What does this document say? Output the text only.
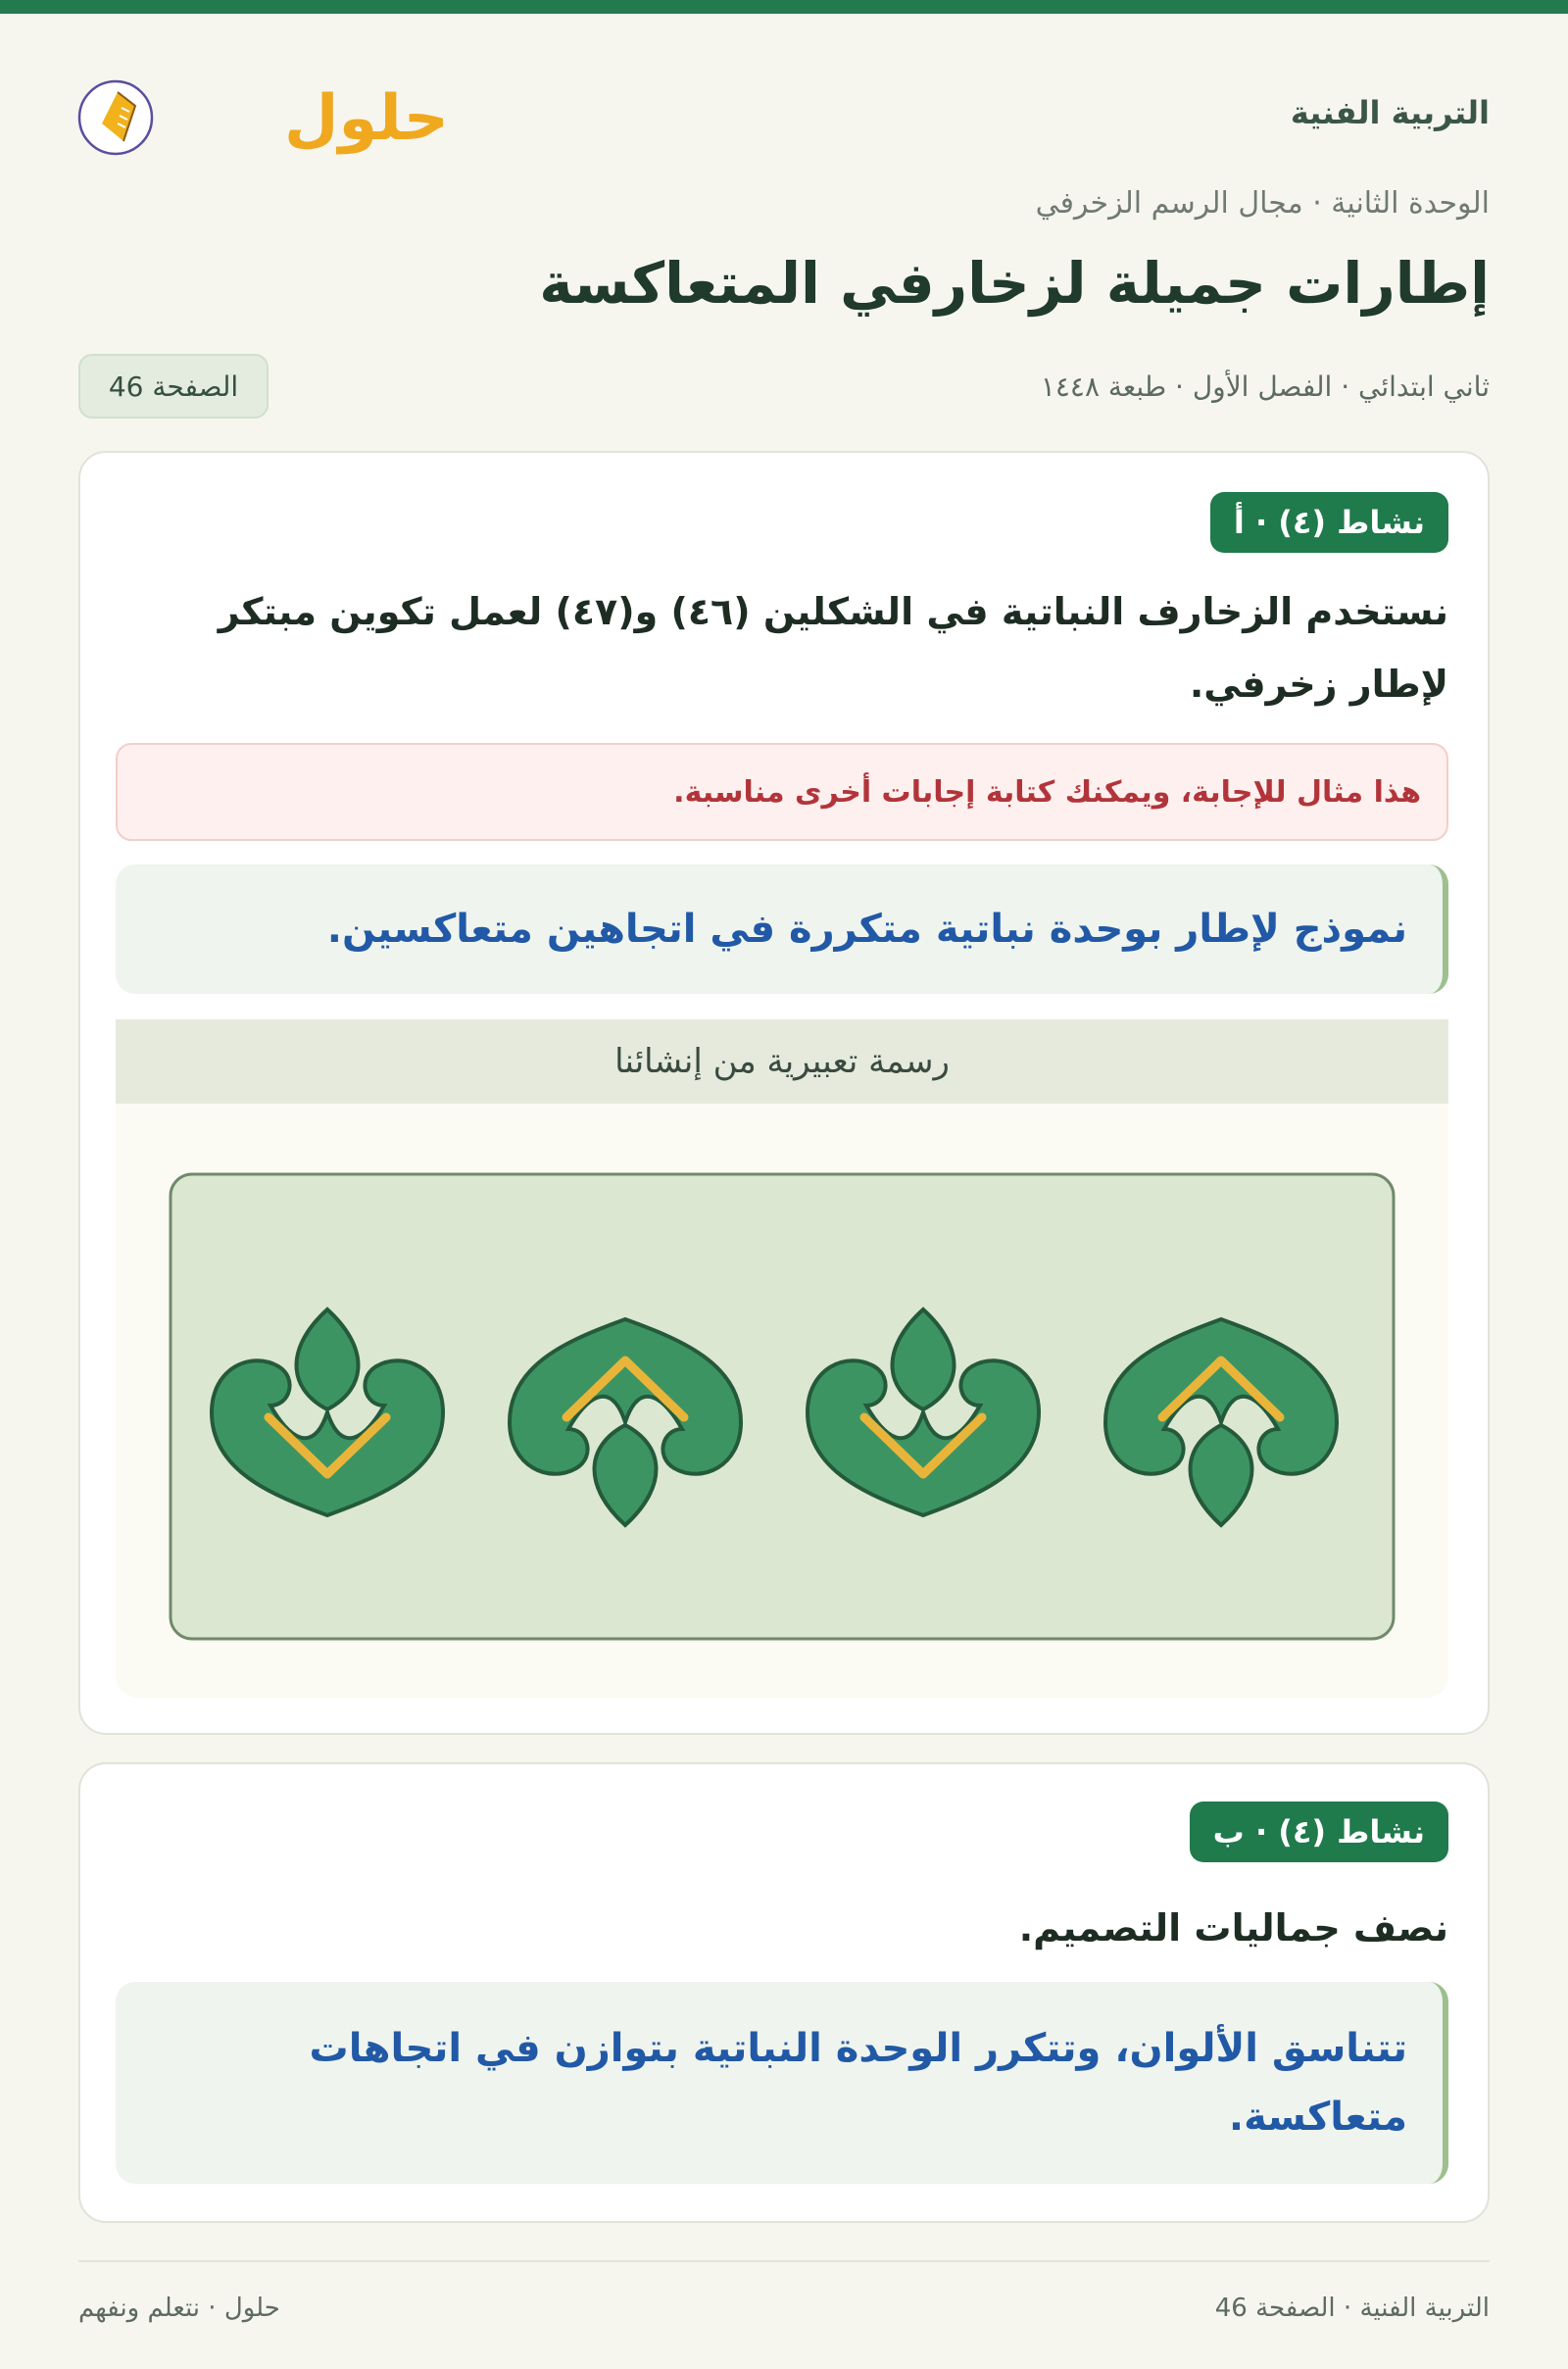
حلول	التربية الفنية
الوحدة الثانية · مجال الرسم الزخرفي
إطارات جميلة لزخارفي المتعاكسة
ثاني ابتدائي · الفصل الأول · طبعة ١٤٤٨
الصفحة 46
نشاط (٤) · أ

نستخدم الزخارف النباتية في الشكلين (٤٦) و(٤٧) لعمل تكوين مبتكر لإطار زخرفي.

هذا مثال للإجابة، ويمكنك كتابة إجابات أخرى مناسبة.
نموذج لإطار بوحدة نباتية متكررة في اتجاهين متعاكسين.
رسمة تعبيرية من إنشائنا
نشاط (٤) · ب

نصف جماليات التصميم.

تتناسق الألوان، وتتكرر الوحدة النباتية بتوازن في اتجاهات متعاكسة.
التربية الفنية · الصفحة 46
حلول · نتعلم ونفهم
